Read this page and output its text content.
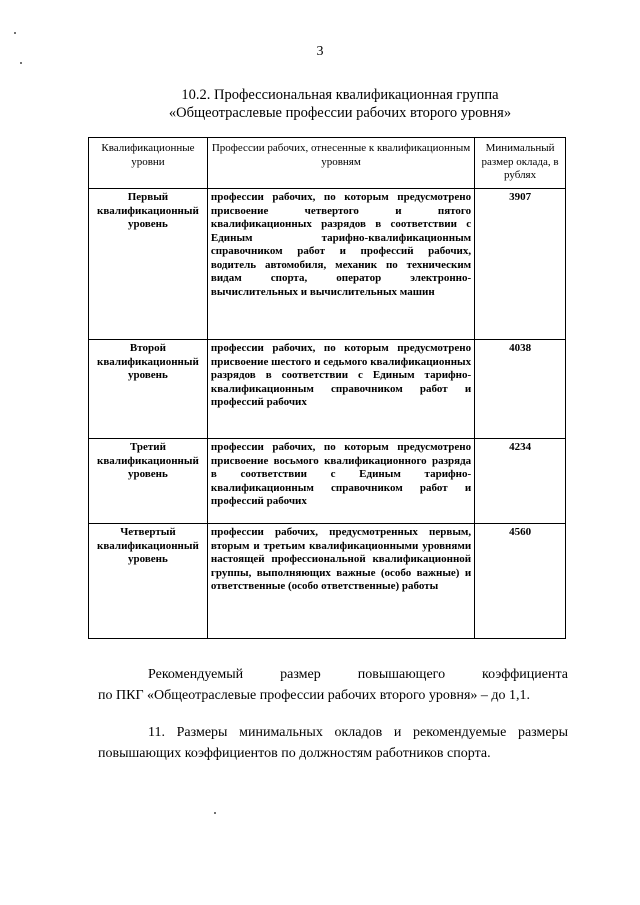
3
10.2. Профессиональная квалификационная группа
«Общеотраслевые профессии рабочих второго уровня»
Квалификационные уровни	Профессии рабочих, отнесенные к квалификационным уровням	Минимальный размер оклада, в рублях
Первый квалификационный уровень	профессии рабочих, по которым предусмотрено присвоение четвертого и пятого квалификационных разрядов в соответствии с Единым тарифно-квалификационным справочником работ и профессий рабочих, водитель автомобиля, механик по техническим видам спорта, оператор электронно-вычислительных и вычислительных машин	3907
Второй квалификационный уровень	профессии рабочих, по которым предусмотрено присвоение шестого и седьмого квалификационных разрядов в соответствии с Единым тарифно-квалификационным справочником работ и профессий рабочих	4038
Третий квалификационный уровень	профессии рабочих, по которым предусмотрено присвоение восьмого квалификационного разряда в соответствии с Единым тарифно-квалификационным справочником работ и профессий рабочих	4234
Четвертый квалификационный уровень	профессии рабочих, предусмотренных первым, вторым и третьим квалификационными уровнями настоящей профессиональной квалификационной группы, выполняющих важные (особо важные) и ответственные (особо ответственные) работы	4560
Рекомендуемый размер повышающего коэффициента
по ПКГ «Общеотраслевые профессии рабочих второго уровня» – до 1,1.
11. Размеры минимальных окладов и рекомендуемые размеры
повышающих коэффициентов по должностям работников спорта.
